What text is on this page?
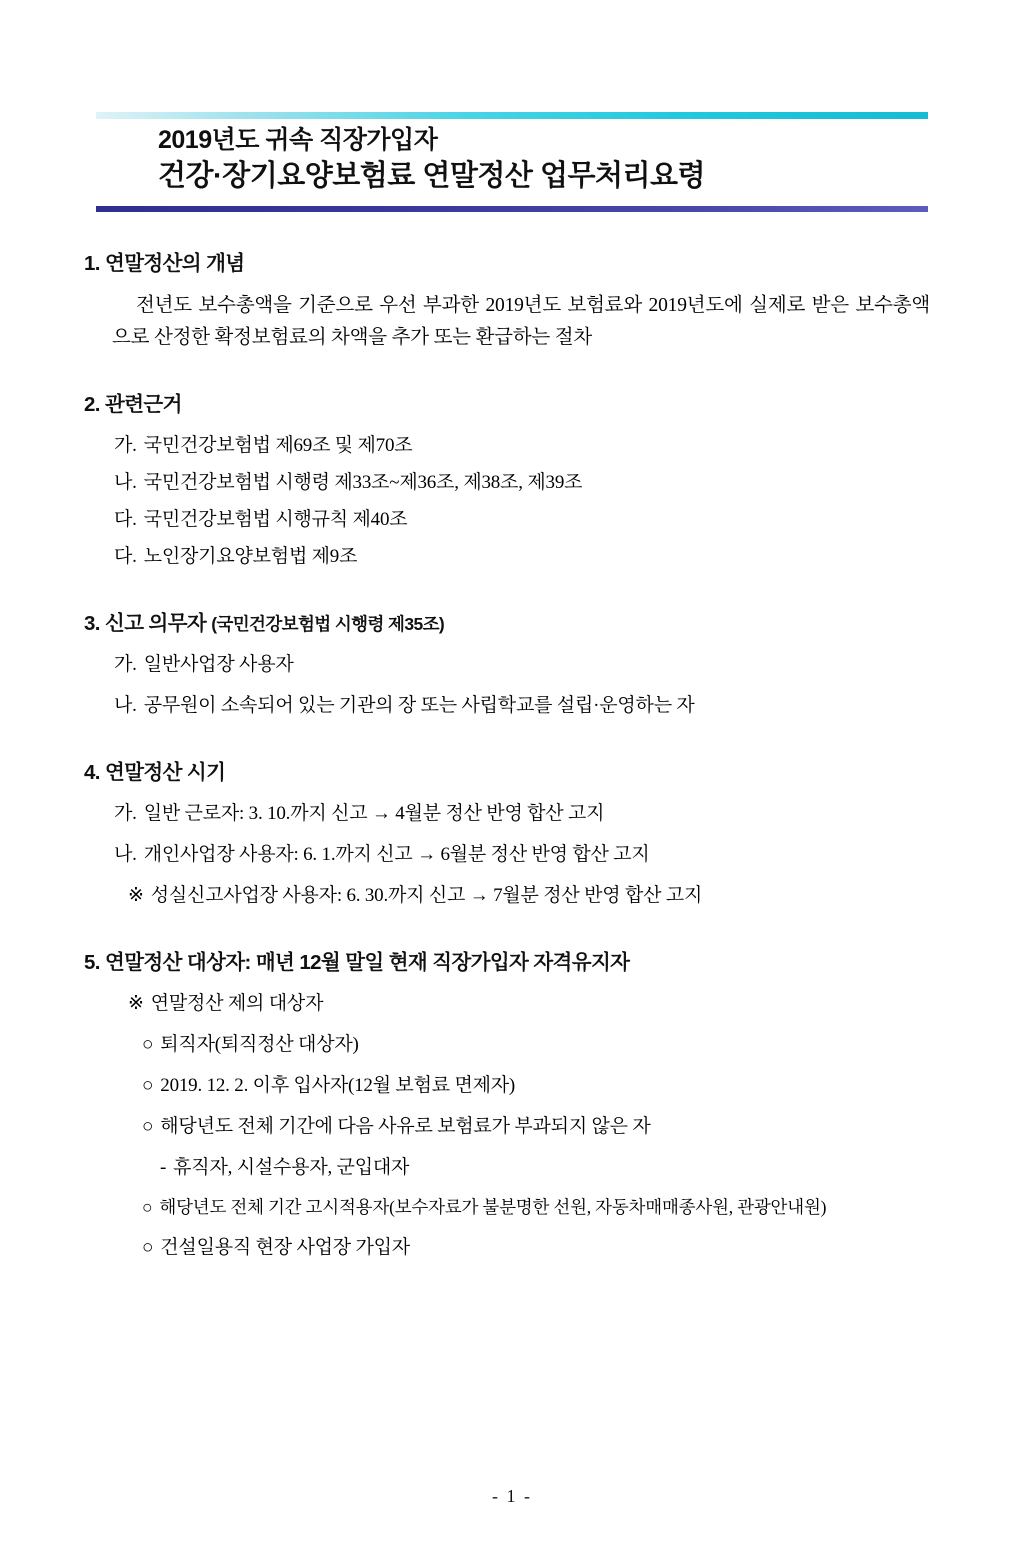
2019년도 귀속 직장가입자
건강·장기요양보험료 연말정산 업무처리요령
1. 연말정산의 개념
전년도 보수총액을 기준으로 우선 부과한 2019년도 보험료와 2019년도에 실제로 받은 보수총액으로 산정한 확정보험료의 차액을 추가 또는 환급하는 절차
2. 관련근거
가. 국민건강보험법 제69조 및 제70조
나. 국민건강보험법 시행령 제33조~제36조, 제38조, 제39조
다. 국민건강보험법 시행규칙 제40조
다. 노인장기요양보험법 제9조
3. 신고 의무자 (국민건강보험법 시행령 제35조)
가. 일반사업장 사용자
나. 공무원이 소속되어 있는 기관의 장 또는 사립학교를 설립·운영하는 자
4. 연말정산 시기
가. 일반 근로자: 3. 10.까지 신고 → 4월분 정산 반영 합산 고지
나. 개인사업장 사용자: 6. 1.까지 신고 → 6월분 정산 반영 합산 고지
※ 성실신고사업장 사용자: 6. 30.까지 신고 → 7월분 정산 반영 합산 고지
5. 연말정산 대상자: 매년 12월 말일 현재 직장가입자 자격유지자
※ 연말정산 제의 대상자
○ 퇴직자(퇴직정산 대상자)
○ 2019. 12. 2. 이후 입사자(12월 보험료 면제자)
○ 해당년도 전체 기간에 다음 사유로 보험료가 부과되지 않은 자
- 휴직자, 시설수용자, 군입대자
○ 해당년도 전체 기간 고시적용자(보수자료가 불분명한 선원, 자동차매매종사원, 관광안내원)
○ 건설일용직 현장 사업장 가입자
- 1 -
